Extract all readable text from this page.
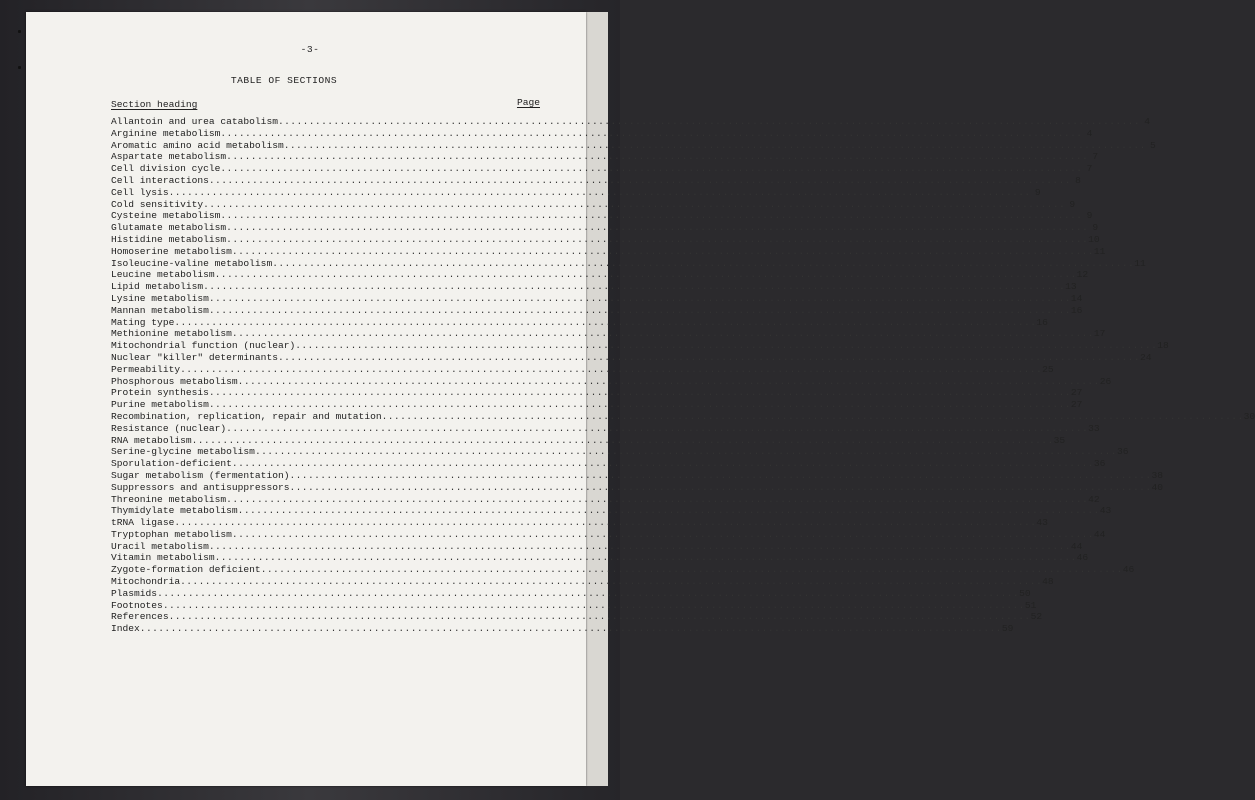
-3-
TABLE OF SECTIONS
Section heading	Page
Allantoin and urea catabolism ............................................................................................................................................ 4
Arginine metabolism ............................................................................................................................................ 4
Aromatic amino acid metabolism ............................................................................................................................................ 5
Aspartate metabolism ............................................................................................................................................ 7
Cell division cycle ............................................................................................................................................ 7
Cell interactions ............................................................................................................................................ 8
Cell lysis ............................................................................................................................................ 9
Cold sensitivity ............................................................................................................................................ 9
Cysteine metabolism ............................................................................................................................................ 9
Glutamate metabolism ............................................................................................................................................ 9
Histidine metabolism ............................................................................................................................................ 10
Homoserine metabolism ............................................................................................................................................ 11
Isoleucine-valine metabolism ............................................................................................................................................ 11
Leucine metabolism ............................................................................................................................................ 12
Lipid metabolism ............................................................................................................................................ 13
Lysine metabolism ............................................................................................................................................ 14
Mannan metabolism ............................................................................................................................................ 16
Mating type ............................................................................................................................................ 16
Methionine metabolism ............................................................................................................................................ 17
Mitochondrial function (nuclear) ............................................................................................................................................ 18
Nuclear "killer" determinants ............................................................................................................................................ 24
Permeability ............................................................................................................................................ 25
Phosphorous metabolism ............................................................................................................................................ 26
Protein synthesis ............................................................................................................................................ 27
Purine metabolism ............................................................................................................................................ 27
Recombination, replication, repair and mutation ............................................................................................................................................ 30
Resistance (nuclear) ............................................................................................................................................ 33
RNA metabolism ............................................................................................................................................ 35
Serine-glycine metabolism ............................................................................................................................................ 36
Sporulation-deficient ............................................................................................................................................ 36
Sugar metabolism (fermentation) ............................................................................................................................................ 38
Suppressors and antisuppressors ............................................................................................................................................ 40
Threonine metabolism ............................................................................................................................................ 42
Thymidylate metabolism ............................................................................................................................................ 43
tRNA ligase ............................................................................................................................................ 43
Tryptophan metabolism ............................................................................................................................................ 44
Uracil metabolism ............................................................................................................................................ 44
Vitamin metabolism ............................................................................................................................................ 46
Zygote-formation deficient ............................................................................................................................................ 46
Mitochondria ............................................................................................................................................ 48
Plasmids ............................................................................................................................................ 50
Footnotes ............................................................................................................................................ 51
References ............................................................................................................................................ 52
Index ............................................................................................................................................ 59
